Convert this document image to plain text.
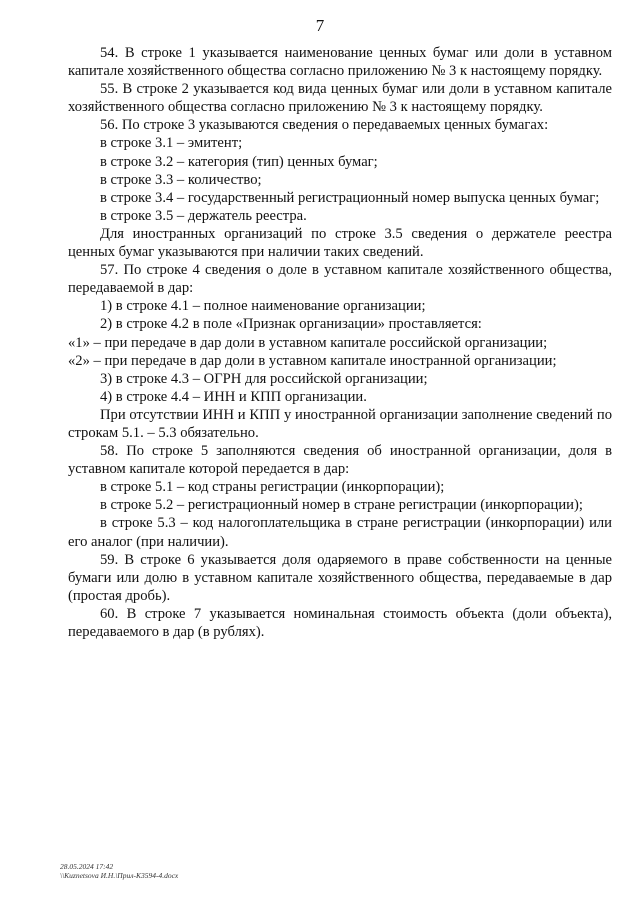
7

54. В строке 1 указывается наименование ценных бумаг или доли в уставном капитале хозяйственного общества согласно приложению № 3 к настоящему порядку.

55. В строке 2 указывается код вида ценных бумаг или доли в уставном капитале хозяйственного общества согласно приложению № 3 к настоящему порядку.

56. По строке 3 указываются сведения о передаваемых ценных бумагах:

в строке 3.1 – эмитент;

в строке 3.2 – категория (тип) ценных бумаг;

в строке 3.3 – количество;

в строке 3.4 – государственный регистрационный номер выпуска ценных бумаг;

в строке 3.5 – держатель реестра.

Для иностранных организаций по строке 3.5 сведения о держателе реестра ценных бумаг указываются при наличии таких сведений.

57. По строке 4 сведения о доле в уставном капитале хозяйственного общества, передаваемой в дар:

1) в строке 4.1 – полное наименование организации;

2) в строке 4.2 в поле «Признак организации» проставляется:

«1» – при передаче в дар доли в уставном капитале российской организации;

«2» – при передаче в дар доли в уставном капитале иностранной организации;

3) в строке 4.3 – ОГРН для российской организации;

4) в строке 4.4 – ИНН и КПП организации.

При отсутствии ИНН и КПП у иностранной организации заполнение сведений по строкам 5.1. – 5.3 обязательно.

58. По строке 5 заполняются сведения об иностранной организации, доля в уставном капитале которой передается в дар:

в строке 5.1 – код страны регистрации (инкорпорации);

в строке 5.2 – регистрационный номер в стране регистрации (инкорпорации);

в строке 5.3 – код налогоплательщика в стране регистрации (инкорпорации) или его аналог (при наличии).

59. В строке 6 указывается доля одаряемого в праве собственности на ценные бумаги или долю в уставном капитале хозяйственного общества, передаваемые в дар (простая дробь).

60. В строке 7 указывается номинальная стоимость объекта (доли объекта), передаваемого в дар (в рублях).

28.05.2024 17:42
\\Kuznetsova И.Н.\Прил-К3594-4.docx
